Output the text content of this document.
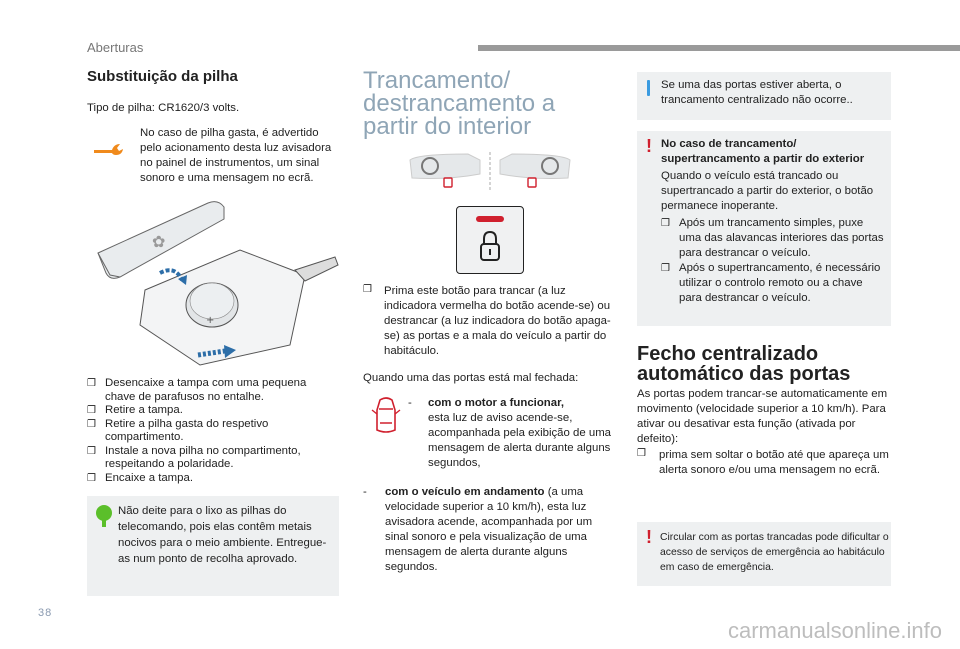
Aberturas
Substituição da pilha

Tipo de pilha: CR1620/3 volts.

No caso de pilha gasta, é advertido pelo acionamento desta luz avisadora no painel de instrumentos, um sinal sonoro e uma mensagem no ecrã.

✿
+
❒ Desencaixe a tampa com uma pequena chave de parafusos no entalhe.
❒ Retire a tampa.
❒ Retire a pilha gasta do respetivo compartimento.
❒ Instale a nova pilha no compartimento, respeitando a polaridade.
❒ Encaixe a tampa.

Não deite para o lixo as pilhas do telecomando, pois elas contêm metais nocivos para o meio ambiente. Entregue-as num ponto de recolha aprovado.

Trancamento/ destrancamento a partir do interior
❒	Prima este botão para trancar (a luz indicadora vermelha do botão acende-se) ou destrancar (a luz indicadora do botão apaga-se) as portas e a mala do veículo a partir do habitáculo.

Quando uma das portas está mal fechada:

-	com o motor a funcionar,
esta luz de aviso acende-se, acompanhada pela exibição de uma mensagem de alerta durante alguns segundos,

-	com o veículo em andamento (a uma velocidade superior a 10 km/h), esta luz avisadora acende, acompanhada por um sinal sonoro e pela visualização de uma mensagem de alerta durante alguns segundos.

Se uma das portas estiver aberta, o trancamento centralizado não ocorre..

! No caso de trancamento/ supertrancamento a partir do exterior

Quando o veículo está trancado ou supertrancado a partir do exterior, o botão permanece inoperante.

❒ Após um trancamento simples, puxe uma das alavancas interiores das portas para destrancar o veículo.
❒ Após o supertrancamento, é necessário utilizar o controlo remoto ou a chave para destrancar o veículo.
Fecho centralizado automático das portas

As portas podem trancar-se automaticamente em movimento (velocidade superior a 10 km/h). Para ativar ou desativar esta função (ativada por defeito):

❒	prima sem soltar o botão até que apareça um alerta sonoro e/ou uma mensagem no ecrã.

! Circular com as portas trancadas pode dificultar o acesso de serviços de emergência ao habitáculo em caso de emergência.

38
carmanualsonline.info
